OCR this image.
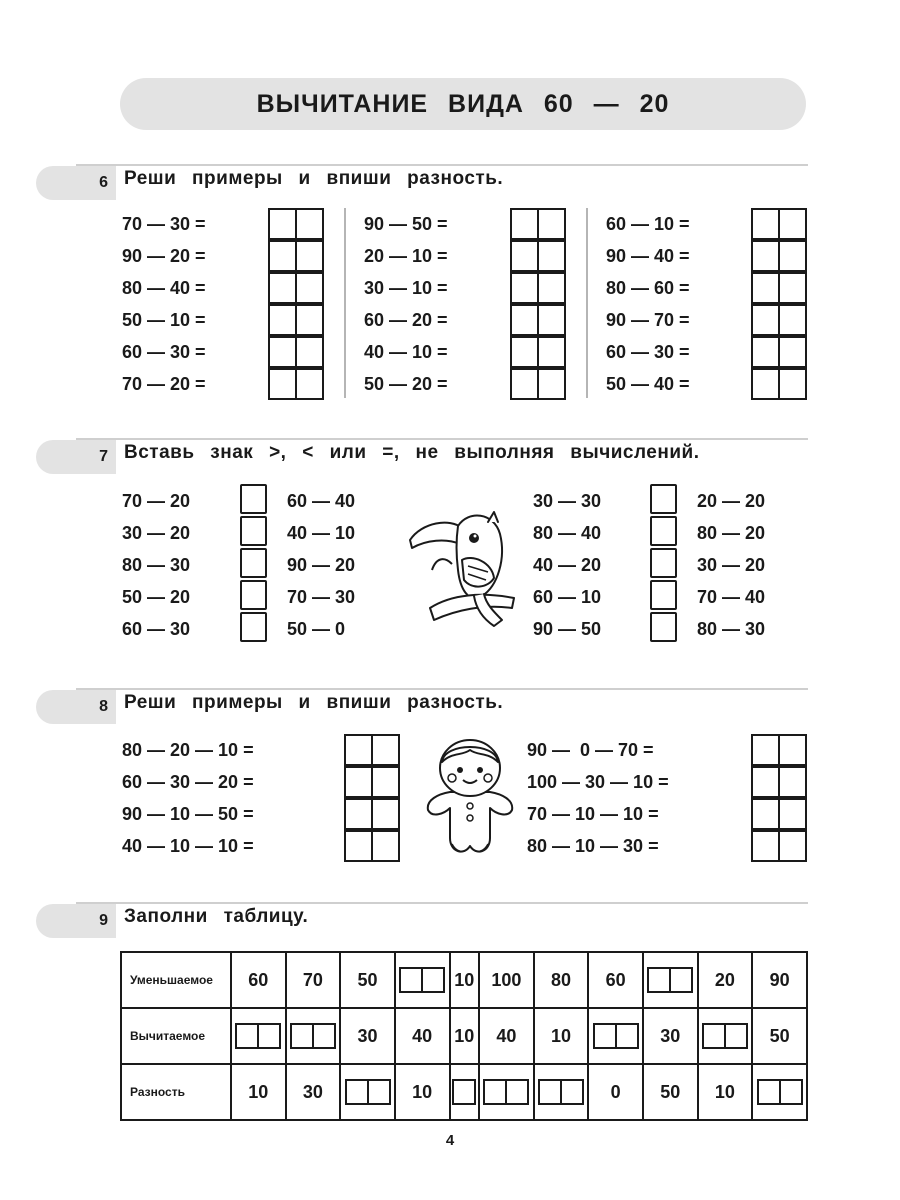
ВЫЧИТАНИЕ ВИДА 60 — 20
6 Реши примеры и впиши разность.
70 — 30 =
90 — 20 =
80 — 40 =
50 — 10 =
60 — 30 =
70 — 20 =
90 — 50 =
20 — 10 =
30 — 10 =
60 — 20 =
40 — 10 =
50 — 20 =
60 — 10 =
90 — 40 =
80 — 60 =
90 — 70 =
60 — 30 =
50 — 40 =
7 Вставь знак >, < или =, не выполняя вычислений.
70 — 20	60 — 40
30 — 20	40 — 10
80 — 30	90 — 20
50 — 20	70 — 30
60 — 30	50 — 0
30 — 30	20 — 20
80 — 40	80 — 20
40 — 20	30 — 20
60 — 10	70 — 40
90 — 50	80 — 30
8 Реши примеры и впиши разность.
80 — 20 — 10 =
60 — 30 — 20 =
90 — 10 — 50 =
40 — 10 — 10 =
90 —  0 — 70 =
100 — 30 — 10 =
70 — 10 — 10 =
80 — 10 — 30 =
9 Заполни таблицу.
Уменьшаемое	60	70	50		10	100	80	60		20	90
Вычитаемое			30	40	10	40	10		30		50
Разность	10	30		10				0	50	10	
4
